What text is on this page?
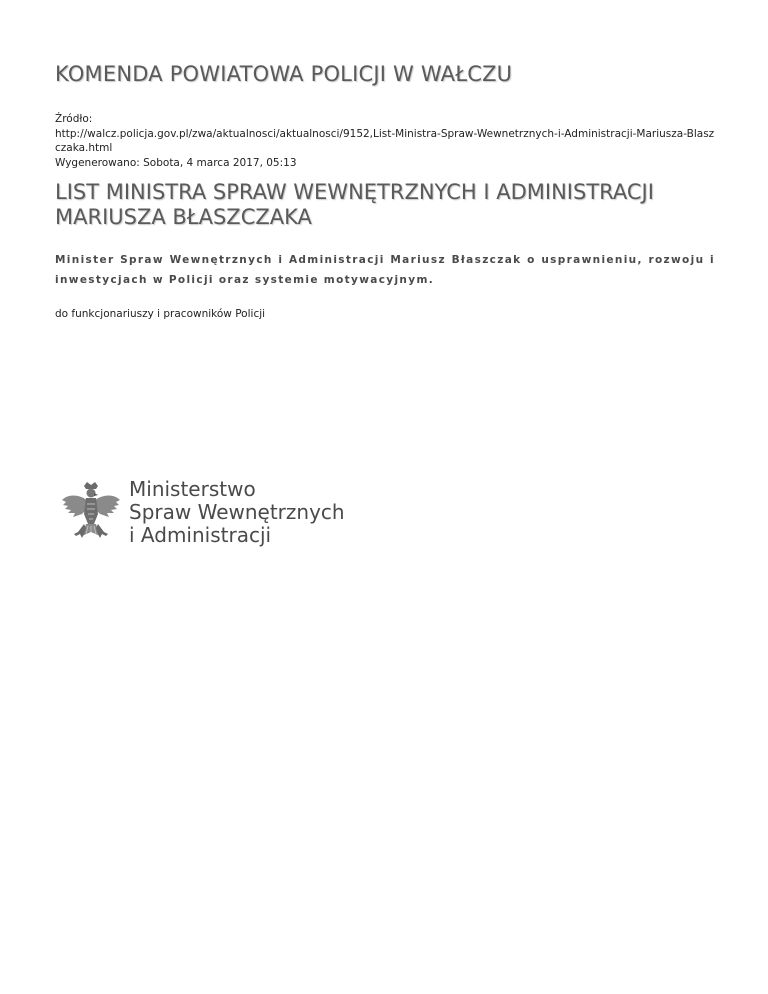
KOMENDA POWIATOWA POLICJI W WAŁCZU
Źródło:
http://walcz.policja.gov.pl/zwa/aktualnosci/aktualnosci/9152,List-Ministra-Spraw-Wewnetrznych-i-Administracji-Mariusza-Blaszczaka.html
Wygenerowano: Sobota, 4 marca 2017, 05:13
LIST MINISTRA SPRAW WEWNĘTRZNYCH I ADMINISTRACJI MARIUSZA BŁASZCZAKA

Minister Spraw Wewnętrznych i Administracji Mariusz Błaszczak o usprawnieniu, rozwoju i inwestycjach w Policji oraz systemie motywacyjnym.

do funkcjonariuszy i pracowników Policji

Ministerstwo
Spraw Wewnętrznych
i Administracji
